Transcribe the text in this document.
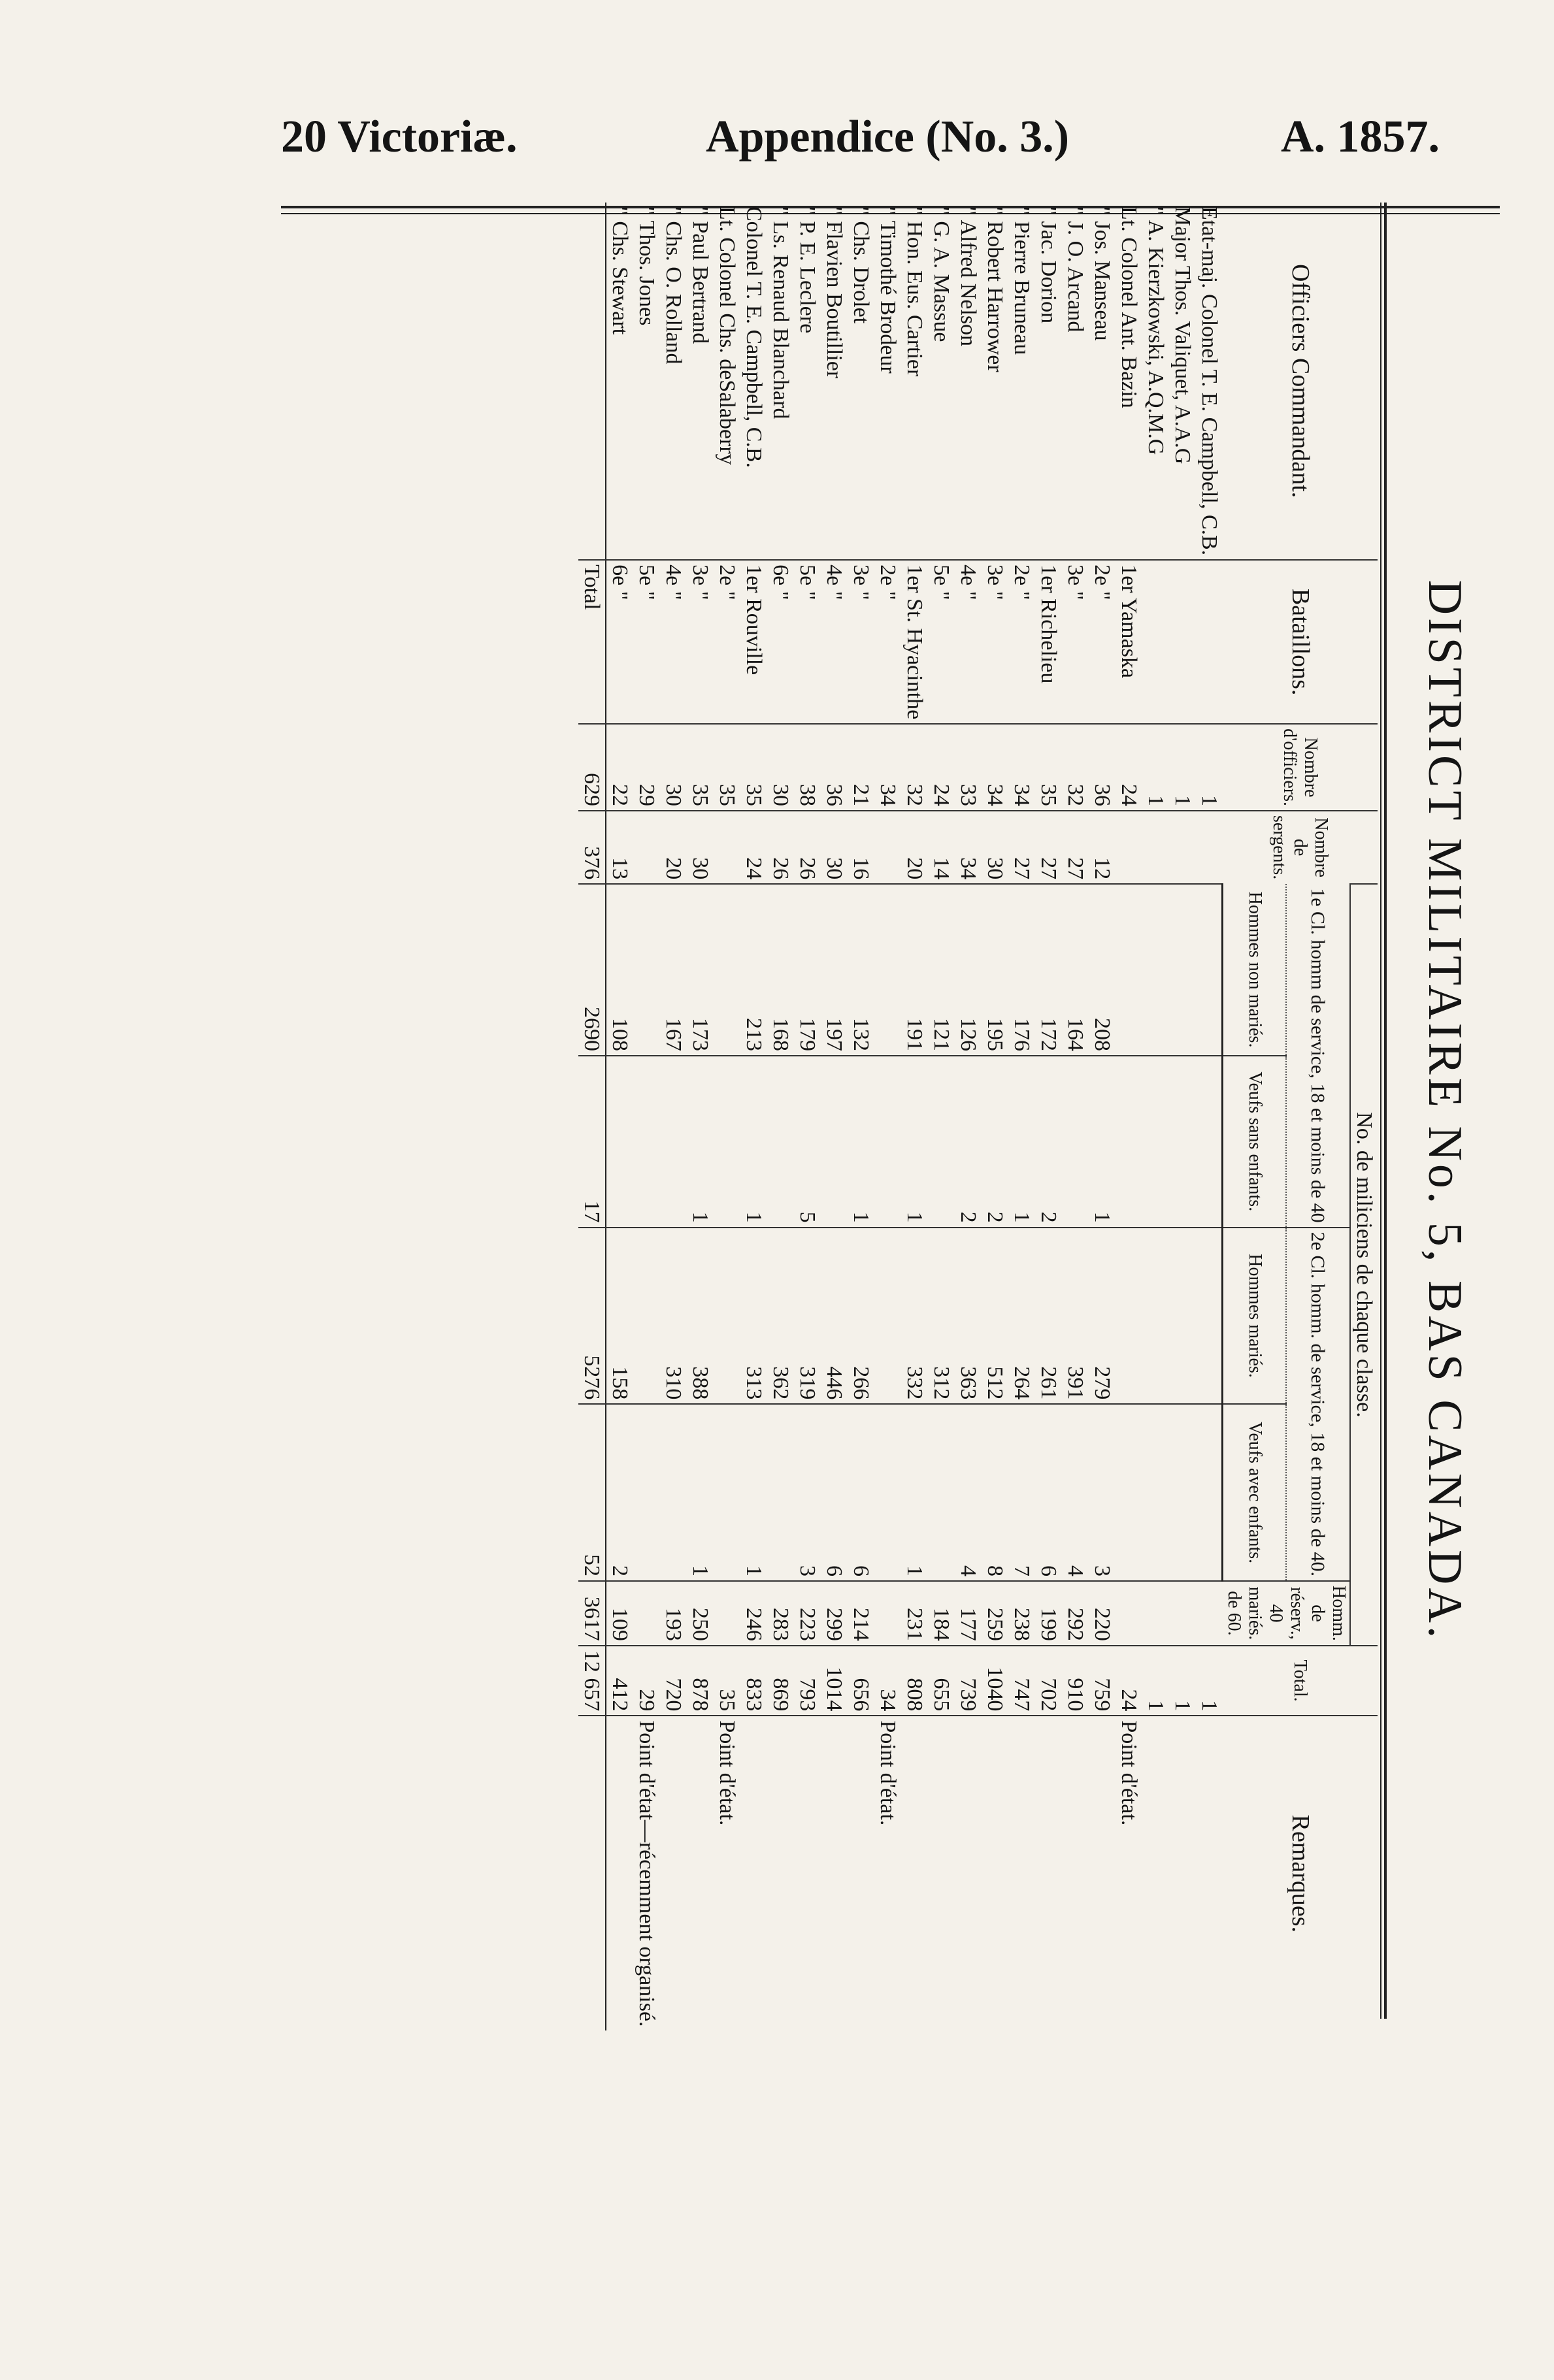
20 Victoriæ.	Appendice (No. 3.)	A. 1857.
DISTRICT MILITAIRE No. 5, BAS CANADA.
Officiers Commandant.	Bataillons.	Nombre d'officiers.	Nombre de sergents.	No. de miliciens de chaque classe.					Total.	Remarques.
				1e Cl. homm de service, 18 et moins de 40		2e Cl. homm. de service, 18 et moins de 40.		Homm. de réserv., 40 mariés. de 60.		
				Hommes non mariés.	Veufs sans enfants.	Hommes mariés.	Veufs avec enfants.			
Etat-maj. Colonel T. E. Campbell, C.B.		1							1	
Major Thos. Valiquet, A.A.G		1							1	
" A. Kierzkowski, A.Q.M.G		1							1	
Lt. Colonel Ant. Bazin	1er Yamaska	24							24	Point d'état.
" Jos. Manseau	2e "	36	12	208	1	279	3	220	759	
" J. O. Arcand	3e "	32	27	164		391	4	292	910	
" Jac. Dorion	1er Richelieu	35	27	172	2	261	6	199	702	
" Pierre Bruneau	2e "	34	27	176	1	264	7	238	747	
" Robert Harrower	3e "	34	30	195	2	512	8	259	1040	
" Alfred Nelson	4e "	33	34	126	2	363	4	177	739	
" G. A. Massue	5e "	24	14	121		312		184	655	
" Hon. Eus. Cartier	1er St. Hyacinthe	32	20	191	1	332	1	231	808	
" Timothé Brodeur	2e "	34							34	Point d'état.
" Chs. Drolet	3e "	21	16	132	1	266	6	214	656	
" Flavien Boutillier	4e "	36	30	197		446	6	299	1014	
" P. E. Leclere	5e "	38	26	179	5	319	3	223	793	
" Ls. Renaud Blanchard	6e "	30	26	168		362		283	869	
Colonel T. E. Campbell, C.B.	1er Rouville	35	24	213	1	313	1	246	833	
Lt. Colonel Chs. deSalaberry	2e "	35							35	Point d'état.
" Paul Bertrand	3e "	35	30	173	1	388	1	250	878	
" Chs. O. Rolland	4e "	30	20	167		310		193	720	
" Thos. Jones	5e "	29							29	Point d'état—récemment organisé.
" Chs. Stewart	6e "	22	13	108		158	2	109	412	
	Total	629	376	2690	17	5276	52	3617	12 657	
